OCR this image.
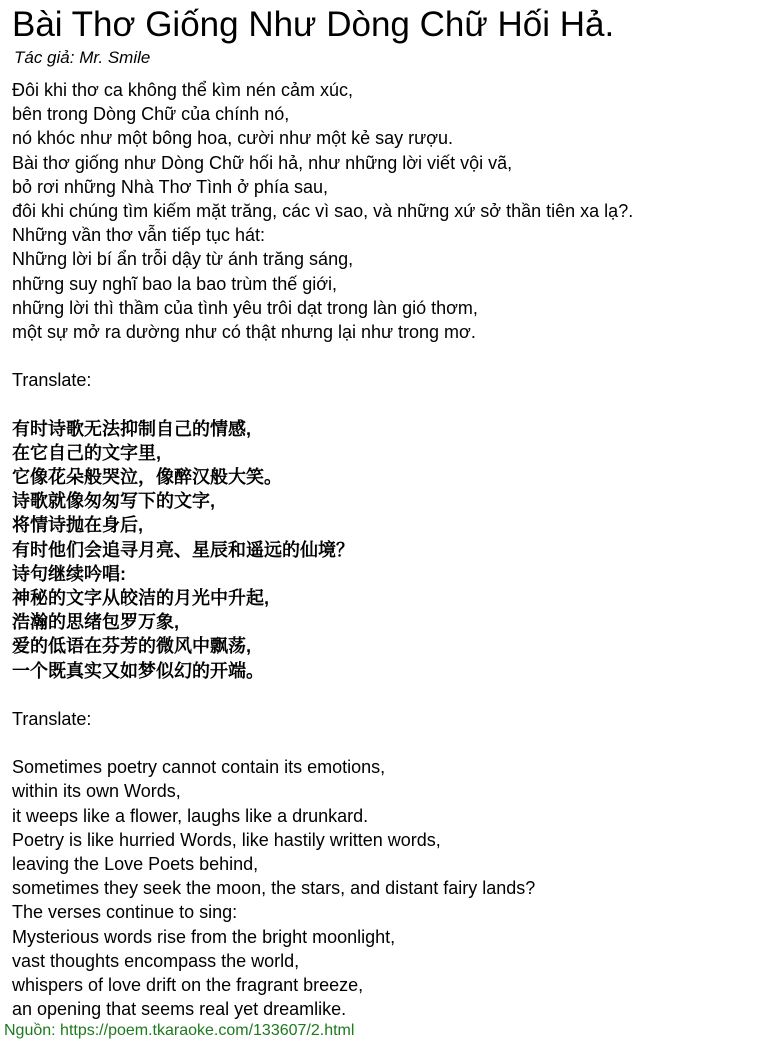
Bài Thơ Giống Như Dòng Chữ Hối Hả.
Tác giả: Mr. Smile
Đôi khi thơ ca không thể kìm nén cảm xúc,
bên trong Dòng Chữ của chính nó,
nó khóc như một bông hoa, cười như một kẻ say rượu.
Bài thơ giống như Dòng Chữ hối hả, như những lời viết vội vã,
bỏ rơi những Nhà Thơ Tình ở phía sau,
đôi khi chúng tìm kiếm mặt trăng, các vì sao, và những xứ sở thần tiên xa lạ?.
Những vần thơ vẫn tiếp tục hát:
Những lời bí ẩn trỗi dậy từ ánh trăng sáng,
những suy nghĩ bao la bao trùm thế giới,
những lời thì thầm của tình yêu trôi dạt trong làn gió thơm,
một sự mở ra dường như có thật nhưng lại như trong mơ.
Translate:
有时诗歌无法抑制自己的情感,
在它自己的文字里,
它像花朵般哭泣，像醉汉般大笑。
诗歌就像匆匆写下的文字,
将情诗抛在身后,
有时他们会追寻月亮、星辰和遥远的仙境？
诗句继续吟唱:
神秘的文字从皎洁的月光中升起,
浩瀚的思绪包罗万象,
爱的低语在芬芳的微风中飘荡,
一个既真实又如梦似幻的开端。
Translate:
Sometimes poetry cannot contain its emotions,
within its own Words,
it weeps like a flower, laughs like a drunkard.
Poetry is like hurried Words, like hastily written words,
leaving the Love Poets behind,
sometimes they seek the moon, the stars, and distant fairy lands?
The verses continue to sing:
Mysterious words rise from the bright moonlight,
vast thoughts encompass the world,
whispers of love drift on the fragrant breeze,
an opening that seems real yet dreamlike.
Nguồn: https://poem.tkaraoke.com/133607/2.html
